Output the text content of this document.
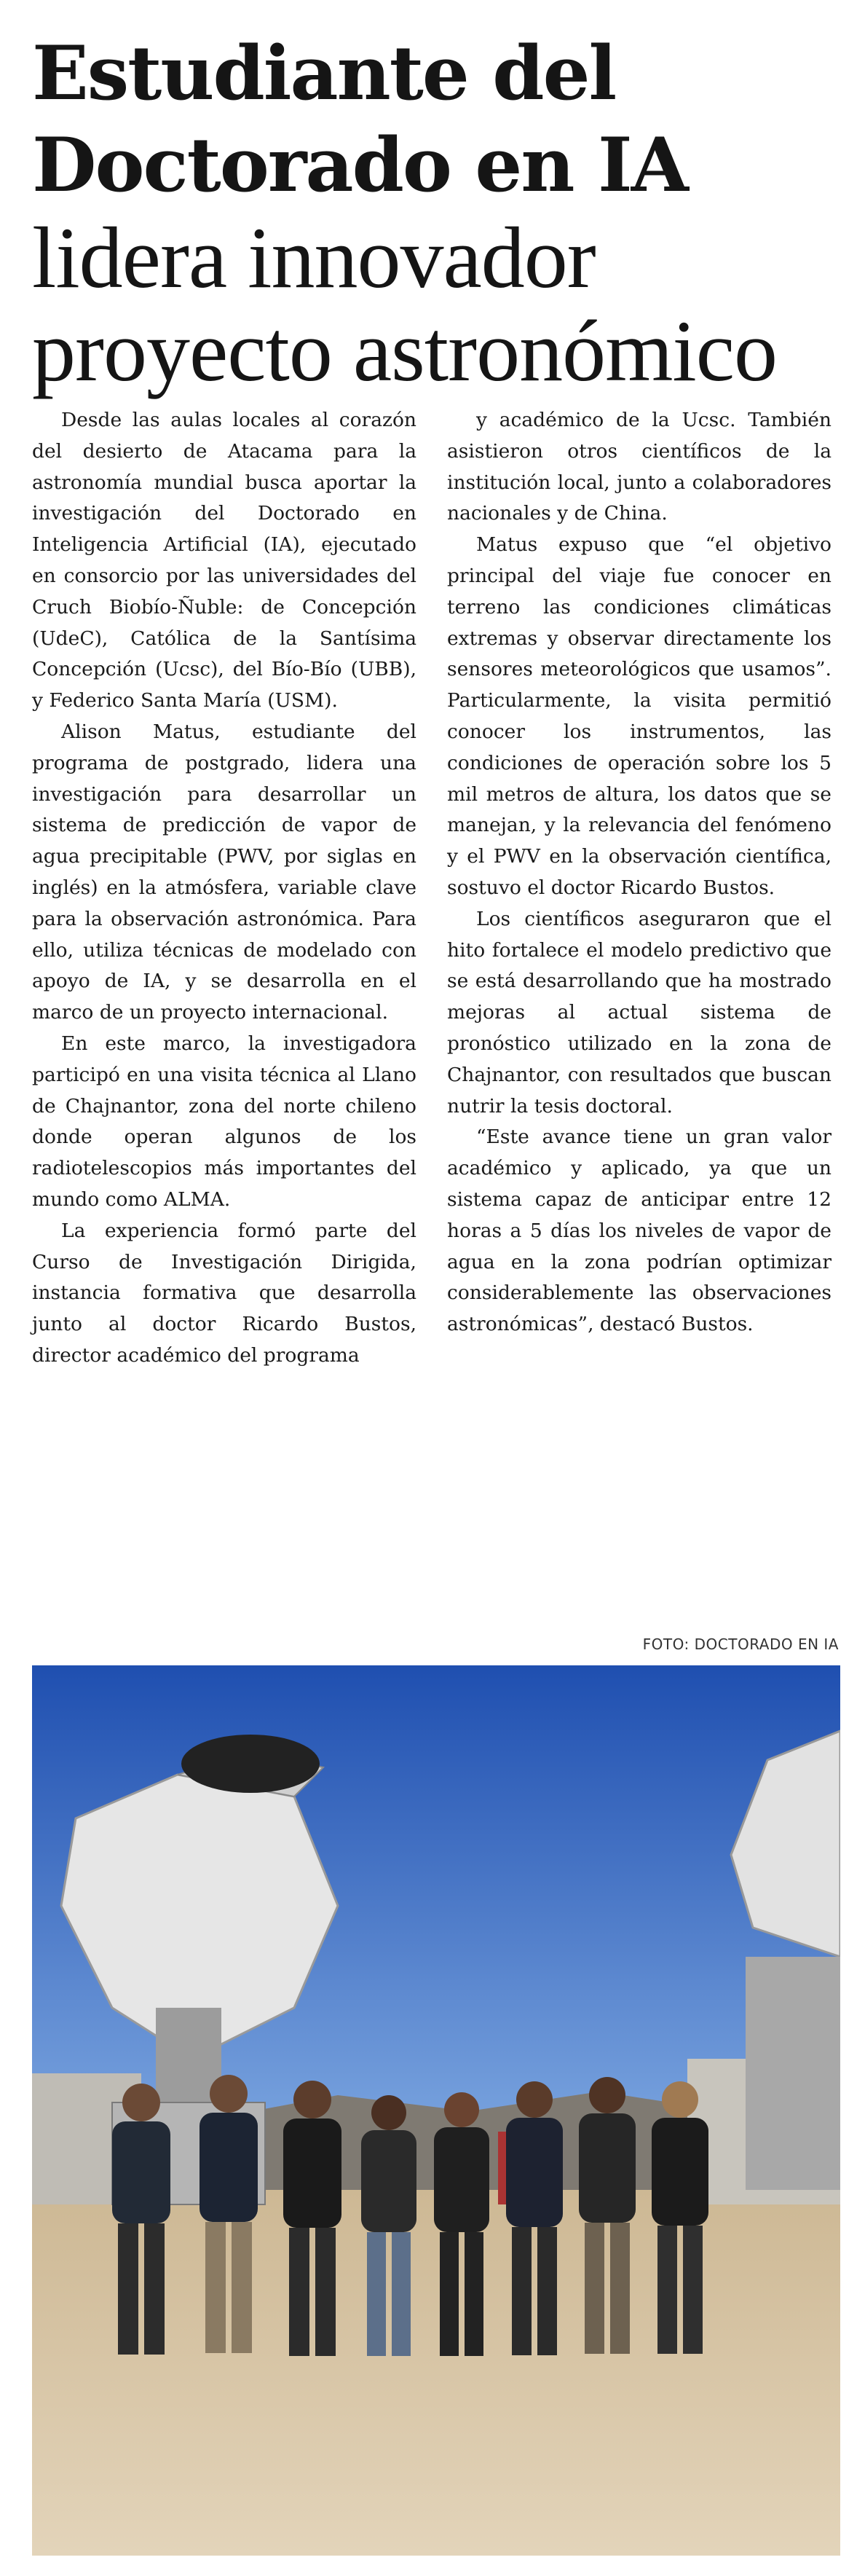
Estudiante del
Doctorado en IA
lidera innovador
proyecto astronómico

Desde las aulas locales al corazón del desierto de Atacama para la astronomía mundial busca aportar la investigación del Doctorado en Inteligencia Artificial (IA), ejecutado en consorcio por las universidades del Cruch Biobío-Ñuble: de Concepción (UdeC), Católica de la Santísima Concepción (Ucsc), del Bío-Bío (UBB), y Federico Santa María (USM).

Alison Matus, estudiante del programa de postgrado, lidera una investigación para desarrollar un sistema de predicción de vapor de agua precipitable (PWV, por siglas en inglés) en la atmósfera, variable clave para la observación astronómica. Para ello, utiliza técnicas de modelado con apoyo de IA, y se desarrolla en el marco de un proyecto internacional.

En este marco, la investigadora participó en una visita técnica al Llano de Chajnantor, zona del norte chileno donde operan algunos de los radiotelescopios más importantes del mundo como ALMA.

La experiencia formó parte del Curso de Investigación Dirigida, instancia formativa que desarrolla junto al doctor Ricardo Bustos, director académico del programa

y académico de la Ucsc. También asistieron otros científicos de la institución local, junto a colaboradores nacionales y de China.

Matus expuso que “el objetivo principal del viaje fue conocer en terreno las condiciones climáticas extremas y observar directamente los sensores meteorológicos que usamos”. Particularmente, la visita permitió conocer los instrumentos, las condiciones de operación sobre los 5 mil metros de altura, los datos que se manejan, y la relevancia del fenómeno y el PWV en la observación científica, sostuvo el doctor Ricardo Bustos.

Los científicos aseguraron que el hito fortalece el modelo predictivo que se está desarrollando que ha mostrado mejoras al actual sistema de pronóstico utilizado en la zona de Chajnantor, con resultados que buscan nutrir la tesis doctoral.

“Este avance tiene un gran valor académico y aplicado, ya que un sistema capaz de anticipar entre 12 horas a 5 días los niveles de vapor de agua en la zona podrían optimizar considerablemente las observaciones astronómicas”, destacó Bustos.

FOTO: DOCTORADO EN IA
